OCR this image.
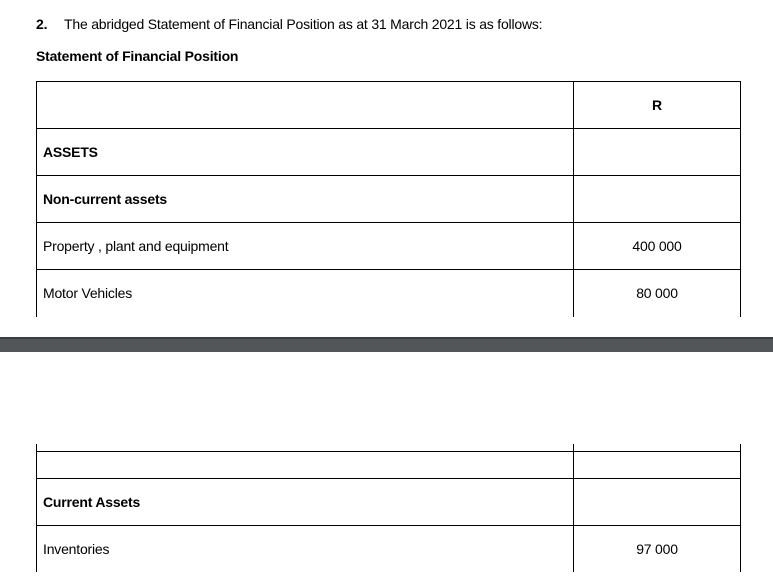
2. The abridged Statement of Financial Position as at 31 March 2021 is as follows:
Statement of Financial Position
	R
ASSETS	
Non-current assets	
Property , plant and equipment	400 000
Motor Vehicles	80 000

Current Assets	
Inventories	97 000
